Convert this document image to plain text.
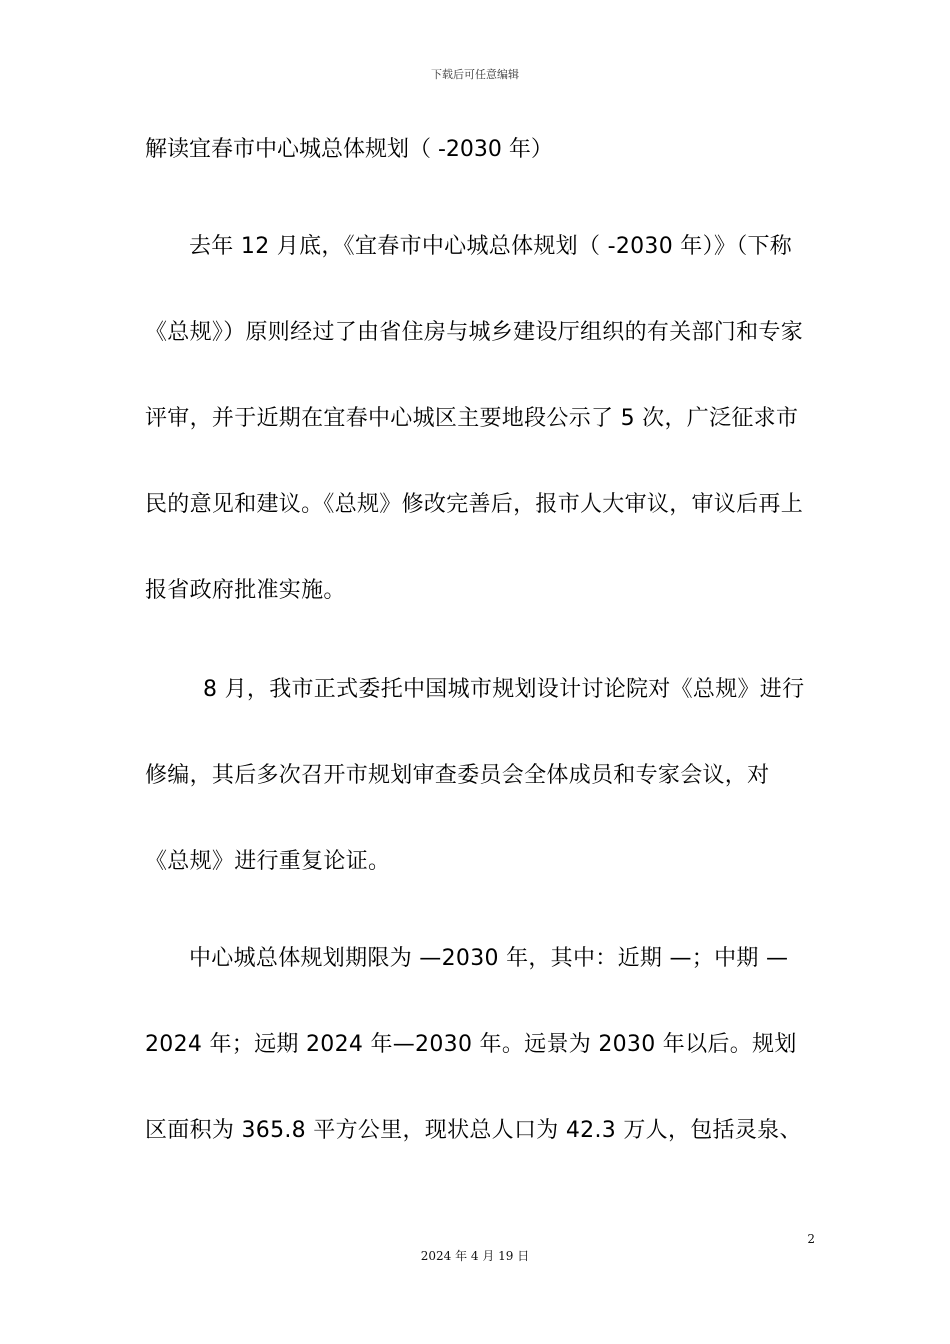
下载后可任意编辑
解读宜春市中心城总体规划（ -2030 年）

去年 12 月底，《宜春市中心城总体规划（ -2030 年）》（下称《总规》）原则经过了由省住房与城乡建设厅组织的有关部门和专家评审，并于近期在宜春中心城区主要地段公示了 5 次，广泛征求市民的意见和建议。《总规》修改完善后，报市人大审议，审议后再上报省政府批准实施。

8 月，我市正式委托中国城市规划设计讨论院对《总规》进行修编，其后多次召开市规划审查委员会全体成员和专家会议，对《总规》进行重复论证。

中心城总体规划期限为 —2030 年，其中：近期 —；中期 — 2024 年；远期 2024 年—2030 年。远景为 2030 年以后。规划区面积为 365.8 平方公里，现状总人口为 42.3 万人，包括灵泉、

2
2024 年 4 月 19 日
